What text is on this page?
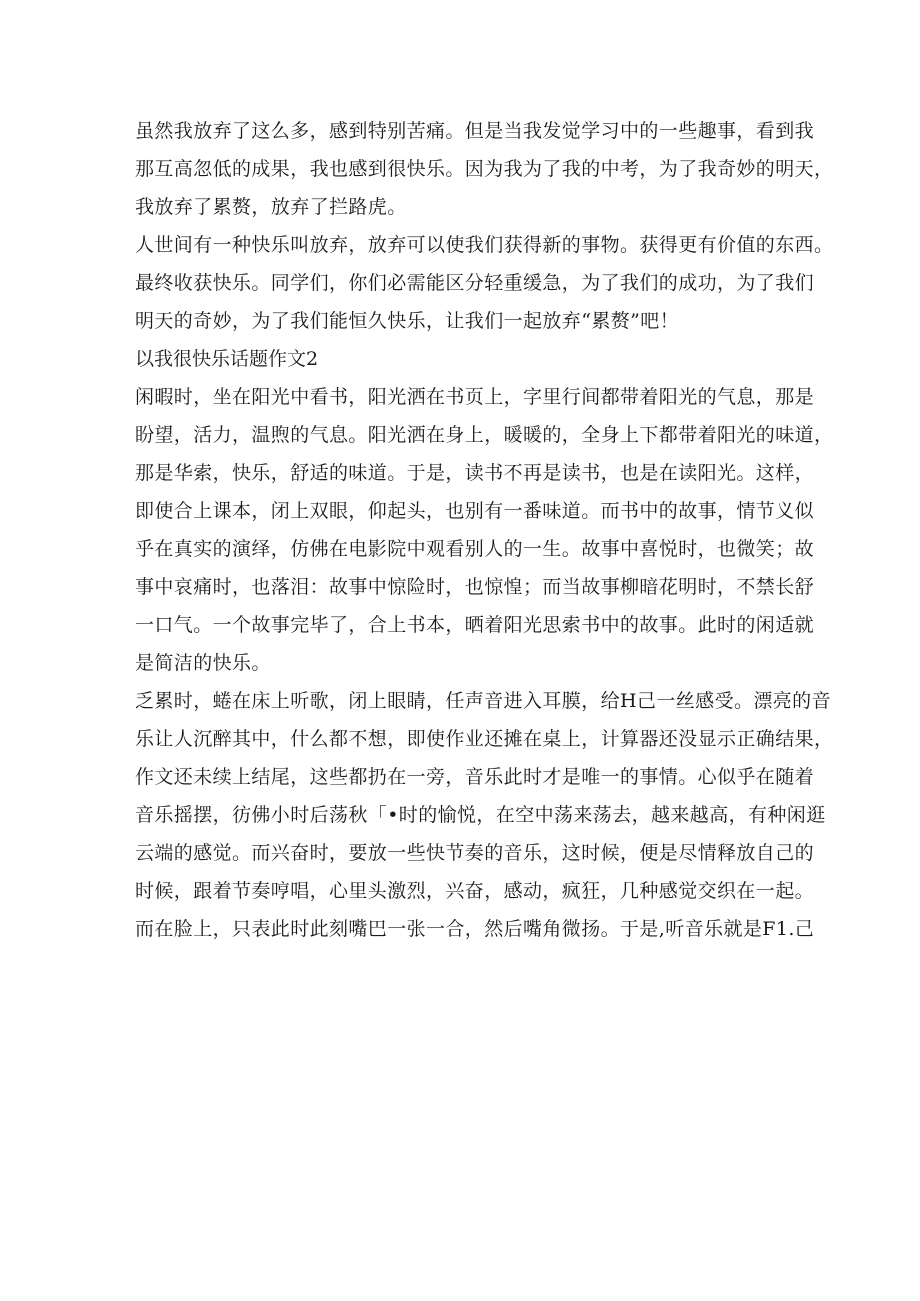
虽然我放弃了这么多，感到特别苦痛。但是当我发觉学习中的一些趣事，看到我
那互高忽低的成果，我也感到很快乐。因为我为了我的中考，为了我奇妙的明天，
我放弃了累赘，放弃了拦路虎。
人世间有一种快乐叫放弃，放弃可以使我们获得新的事物。获得更有价值的东西。
最终收获快乐。同学们，你们必需能区分轻重缓急，为了我们的成功，为了我们
明天的奇妙，为了我们能恒久快乐，让我们一起放弃“累赘”吧！
以我很快乐话题作文2
闲暇时，坐在阳光中看书，阳光洒在书页上，字里行间都带着阳光的气息，那是
盼望，活力，温煦的气息。阳光洒在身上，暖暖的，全身上下都带着阳光的味道，
那是华索，快乐，舒适的味道。于是，读书不再是读书，也是在读阳光。这样，
即使合上课本，闭上双眼，仰起头，也别有一番味道。而书中的故事，情节义似
乎在真实的演绎，仿佛在电影院中观看别人的一生。故事中喜悦时，也微笑；故
事中哀痛时，也落泪：故事中惊险时，也惊惶；而当故事柳暗花明时，不禁长舒
一口气。一个故事完毕了，合上书本，晒着阳光思索书中的故事。此时的闲适就
是简洁的快乐。
乏累时，蜷在床上听歌，闭上眼睛，任声音进入耳膜，给H己一丝感受。漂亮的音
乐让人沉醉其中，什么都不想，即使作业还摊在桌上，计算器还没显示正确结果，
作文还未续上结尾，这些都扔在一旁，音乐此时才是唯一的事情。心似乎在随着
音乐摇摆，彷佛小时后荡秋「•时的愉悦，在空中荡来荡去，越来越高，有种闲逛
云端的感觉。而兴奋时，要放一些快节奏的音乐，这时候，便是尽情释放自己的
时候，跟着节奏哼唱，心里头激烈，兴奋，感动，疯狂，几种感觉交织在一起。
而在脸上，只表此时此刻嘴巴一张一合，然后嘴角微扬。于是,听音乐就是F1.己
